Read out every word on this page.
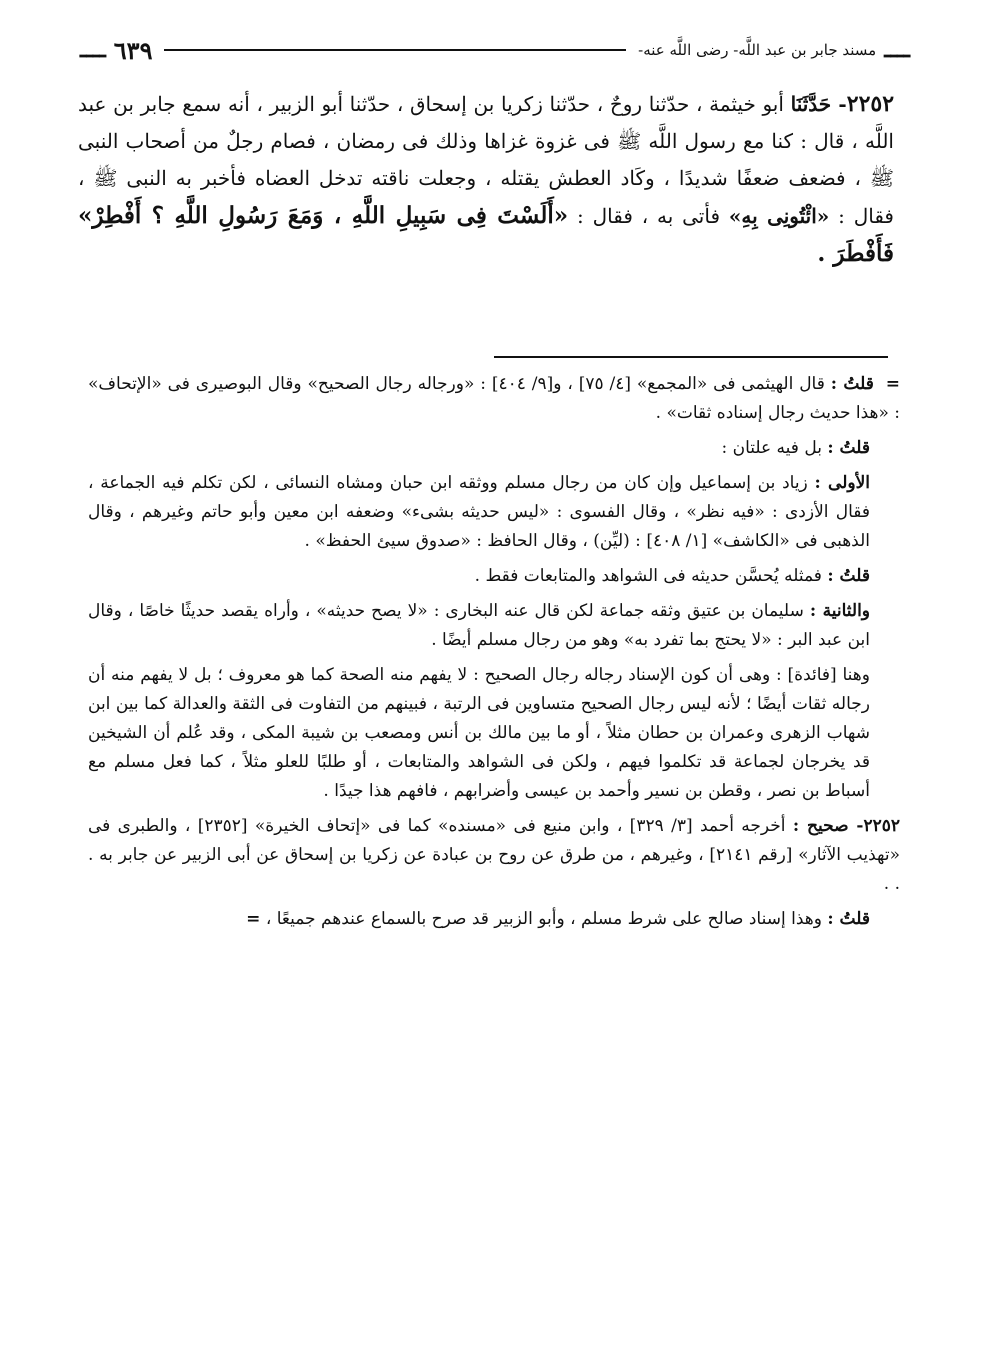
ــــ
مسند جابر بن عبد اللَّه- رضى اللَّه عنه-
٦٣٩
ــــ
٢٢٥٢- حَدَّثَنَا أبو خيثمة ، حدّثنا روحٌ ، حدّثنا زكريا بن إسحاق ، حدّثنا أبو الزبير ، أنه سمع جابر بن عبد اللَّه ، قال : كنا مع رسول اللَّه ﷺ فى غزوة غزاها وذلك فى رمضان ، فصام رجلٌ من أصحاب النبى ﷺ ، فضعف ضعفًا شديدًا ، وكَاد العطش يقتله ، وجعلت ناقته تدخل العضاه فأخبر به النبى ﷺ ، فقال : «ائْتُونِى بِهِ» فأتى به ، فقال : «أَلَسْتَ فِى سَبِيلِ اللَّهِ ، وَمَعَ رَسُولِ اللَّهِ ؟ أَفْطِرْ» فَأَفْطَرَ .

= قلتُ : قال الهيثمى فى «المجمع» [٤/ ٧٥] ، و[٩/ ٤٠٤] : «ورجاله رجال الصحيح» وقال البوصيرى فى «الإتحاف» : «هذا حديث رجال إسناده ثقات» .

قلتُ : بل فيه علتان :

الأولى : زياد بن إسماعيل وإن كان من رجال مسلم ووثقه ابن حبان ومشاه النسائى ، لكن تكلم فيه الجماعة ، فقال الأزدى : «فيه نظر» ، وقال الفسوى : «ليس حديثه بشىء» وضعفه ابن معين وأبو حاتم وغيرهم ، وقال الذهبى فى «الكاشف» [١/ ٤٠٨] : (ليِّن) ، وقال الحافظ : «صدوق سيئ الحفظ» .

قلتُ : فمثله يُحسَّن حديثه فى الشواهد والمتابعات فقط .

والثانية : سليمان بن عتيق وثقه جماعة لكن قال عنه البخارى : «لا يصح حديثه» ، وأراه يقصد حديثًا خاصًا ، وقال ابن عبد البر : «لا يحتج بما تفرد به» وهو من رجال مسلم أيضًا .

وهنا [فائدة] : وهى أن كون الإسناد رجاله رجال الصحيح : لا يفهم منه الصحة كما هو معروف ؛ بل لا يفهم منه أن رجاله ثقات أيضًا ؛ لأنه ليس رجال الصحيح متساوين فى الرتبة ، فبينهم من التفاوت فى الثقة والعدالة كما بين ابن شهاب الزهرى وعمران بن حطان مثلاً ، أو ما بين مالك بن أنس ومصعب بن شيبة المكى ، وقد عُلم أن الشيخين قد يخرجان لجماعة قد تكلموا فيهم ، ولكن فى الشواهد والمتابعات ، أو طلبًا للعلو مثلاً ، كما فعل مسلم مع أسباط بن نصر ، وقطن بن نسير وأحمد بن عيسى وأضرابهم ، فافهم هذا جيدًا .

٢٢٥٢- صحيح : أخرجه أحمد [٣/ ٣٢٩] ، وابن منيع فى «مسنده» كما فى «إتحاف الخيرة» [٢٣٥٢] ، والطبرى فى «تهذيب الآثار» [رقم ٢١٤١] ، وغيرهم ، من طرق عن روح بن عبادة عن زكريا بن إسحاق عن أبى الزبير عن جابر به . . .

قلتُ : وهذا إسناد صالح على شرط مسلم ، وأبو الزبير قد صرح بالسماع عندهم جميعًا ، =
